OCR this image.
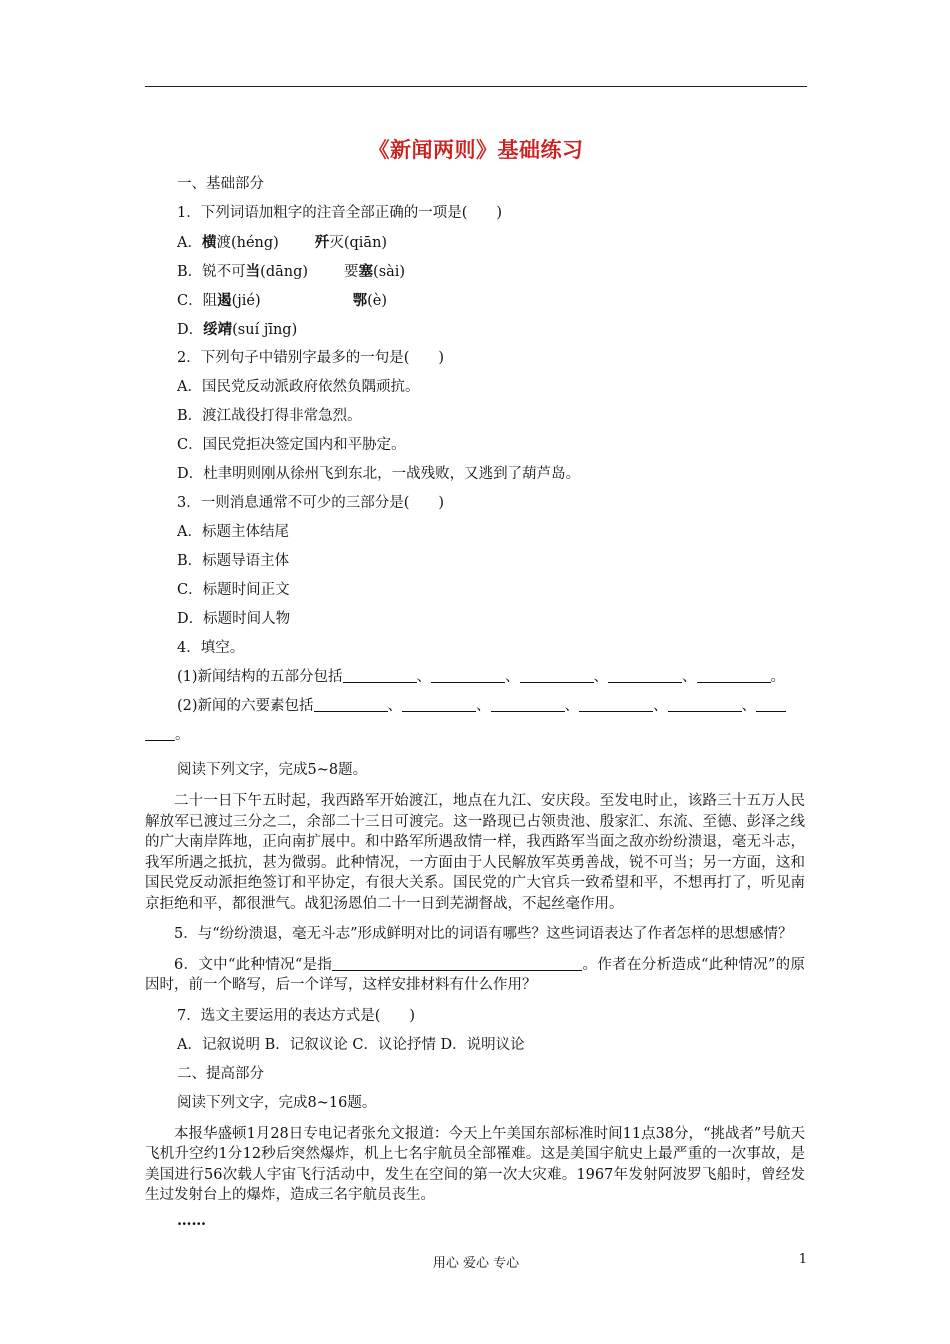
《新闻两则》基础练习
一、基础部分
1．下列词语加粗字的注音全部正确的一项是(　　)
A．横渡(héng) 歼灭(qiān)
B．锐不可当(dāng) 要塞(sài)
C．阻遏(jié)	鄂(è)
D．绥靖(suí jīng)
2．下列句子中错别字最多的一句是(　　)
A．国民党反动派政府依然负隅顽抗。
B．渡江战役打得非常急烈。
C．国民党拒决签定国内和平胁定。
D．杜聿明则刚从徐州飞到东北，一战残败，又逃到了葫芦岛。
3．一则消息通常不可少的三部分是(　　)
A．标题主体结尾
B．标题导语主体
C．标题时间正文
D．标题时间人物
4．填空。
(1)新闻结构的五部分包括	、	、	、	、	。
(2)新闻的六要素包括	、	、	、	、	、
。
阅读下列文字，完成5~8题。
二十一日下午五时起，我西路军开始渡江，地点在九江、安庆段。至发电时止，该路三十五万人民解放军已渡过三分之二，余部二十三日可渡完。这一路现已占领贵池、殷家汇、东流、至德、彭泽之线的广大南岸阵地，正向南扩展中。和中路军所遇敌情一样，我西路军当面之敌亦纷纷溃退，毫无斗志，我军所遇之抵抗，甚为微弱。此种情况，一方面由于人民解放军英勇善战，锐不可当；另一方面，这和国民党反动派拒绝签订和平协定，有很大关系。国民党的广大官兵一致希望和平，不想再打了，听见南京拒绝和平，都很泄气。战犯汤恩伯二十一日到芜湖督战，不起丝毫作用。
5．与“纷纷溃退，毫无斗志”形成鲜明对比的词语有哪些？这些词语表达了作者怎样的思想感情？
6．文中“此种情况“是指	。作者在分析造成“此种情况”的原因时，前一个略写，后一个详写，这样安排材料有什么作用？
7．选文主要运用的表达方式是(　　)
A．记叙说明 B．记叙议论 C．议论抒情 D．说明议论
二、提高部分
阅读下列文字，完成8~16题。
本报华盛顿1月28日专电记者张允文报道：今天上午美国东部标准时间11点38分，“挑战者”号航天飞机升空约1分12秒后突然爆炸，机上七名宇航员全部罹难。这是美国宇航史上最严重的一次事故，是美国进行56次载人宇宙飞行活动中，发生在空间的第一次大灾难。1967年发射阿波罗飞船时，曾经发生过发射台上的爆炸，造成三名宇航员丧生。
……
用心 爱心 专心	1
